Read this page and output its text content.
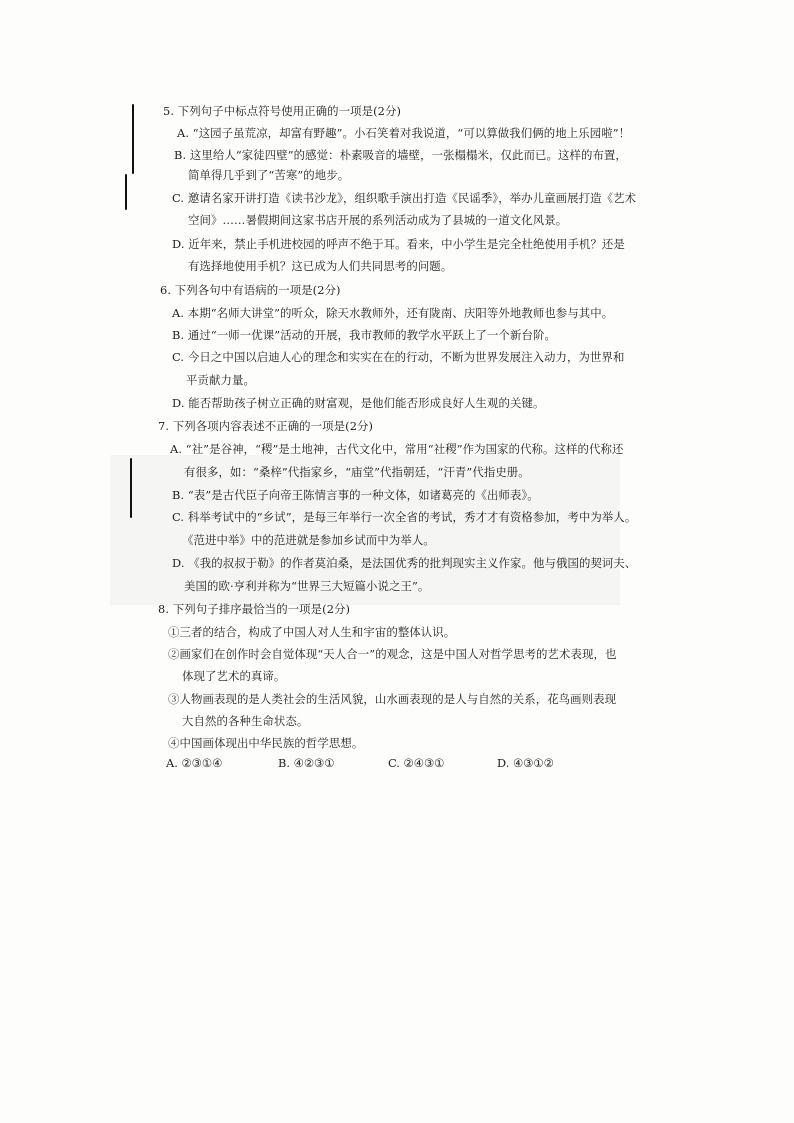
5. 下列句子中标点符号使用正确的一项是(2分)
A. “这园子虽荒凉，却富有野趣”。小石笑着对我说道，“可以算做我们俩的地上乐园啦”！
B. 这里给人“家徒四壁”的感觉：朴素吸音的墙壁，一张榻榻米，仅此而已。这样的布置，
简单得几乎到了“苦寒”的地步。
C. 邀请名家开讲打造《读书沙龙》，组织歌手演出打造《民谣季》，举办儿童画展打造《艺术
空间》……暑假期间这家书店开展的系列活动成为了县城的一道文化风景。
D. 近年来，禁止手机进校园的呼声不绝于耳。看来，中小学生是完全杜绝使用手机？还是
有选择地使用手机？这已成为人们共同思考的问题。
6. 下列各句中有语病的一项是(2分)
A. 本期“名师大讲堂”的听众，除天水教师外，还有陇南、庆阳等外地教师也参与其中。
B. 通过“一师一优课”活动的开展，我市教师的教学水平跃上了一个新台阶。
C. 今日之中国以启迪人心的理念和实实在在的行动，不断为世界发展注入动力，为世界和
平贡献力量。
D. 能否帮助孩子树立正确的财富观，是他们能否形成良好人生观的关键。
7. 下列各项内容表述不正确的一项是(2分)
A. “社”是谷神，“稷”是土地神，古代文化中，常用“社稷”作为国家的代称。这样的代称还
有很多，如：“桑梓”代指家乡，“庙堂”代指朝廷，“汗青”代指史册。
B. “表”是古代臣子向帝王陈情言事的一种文体，如诸葛亮的《出师表》。
C. 科举考试中的“乡试”，是每三年举行一次全省的考试，秀才才有资格参加，考中为举人。
《范进中举》中的范进就是参加乡试而中为举人。
D. 《我的叔叔于勒》的作者莫泊桑，是法国优秀的批判现实主义作家。他与俄国的契诃夫、
美国的欧·亨利并称为“世界三大短篇小说之王”。
8. 下列句子排序最恰当的一项是(2分)
①三者的结合，构成了中国人对人生和宇宙的整体认识。
②画家们在创作时会自觉体现“天人合一”的观念，这是中国人对哲学思考的艺术表现，也
体现了艺术的真谛。
③人物画表现的是人类社会的生活风貌，山水画表现的是人与自然的关系，花鸟画则表现
大自然的各种生命状态。
④中国画体现出中华民族的哲学思想。
A. ②③①④	B. ④②③①	C. ②④③①	D. ④③①②
